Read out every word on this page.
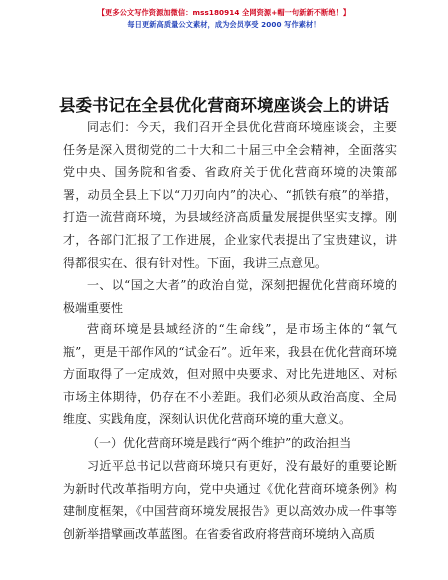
【更多公文写作资源加微信：mss180914 全网资源+帽一句新新不断绝！】
每日更新高质量公文素材，成为会员享受 2000 写作素材！
县委书记在全县优化营商环境座谈会上的讲话
同志们：今天，我们召开全县优化营商环境座谈会，主要任务是深入贯彻党的二十大和二十届三中全会精神，全面落实党中央、国务院和省委、省政府关于优化营商环境的决策部署，动员全县上下以“刀刃向内”的决心、“抓铁有痕”的举措，打造一流营商环境，为县域经济高质量发展提供坚实支撑。刚才，各部门汇报了工作进展，企业家代表提出了宝贵建议，讲得都很实在、很有针对性。下面，我讲三点意见。
一、以“国之大者”的政治自觉，深刻把握优化营商环境的极端重要性
营商环境是县域经济的“生命线”，是市场主体的“氧气瓶”，更是干部作风的“试金石”。近年来，我县在优化营商环境方面取得了一定成效，但对照中央要求、对比先进地区、对标市场主体期待，仍存在不小差距。我们必须从政治高度、全局维度、实践角度，深刻认识优化营商环境的重大意义。
（一）优化营商环境是践行“两个维护”的政治担当
习近平总书记以营商环境只有更好，没有最好的重要论断为新时代改革指明方向，党中央通过《优化营商环境条例》构建制度框架，《中国营商环境发展报告》更以高效办成一件事等创新举措擘画改革蓝图。在省委省政府将营商环境纳入高质
